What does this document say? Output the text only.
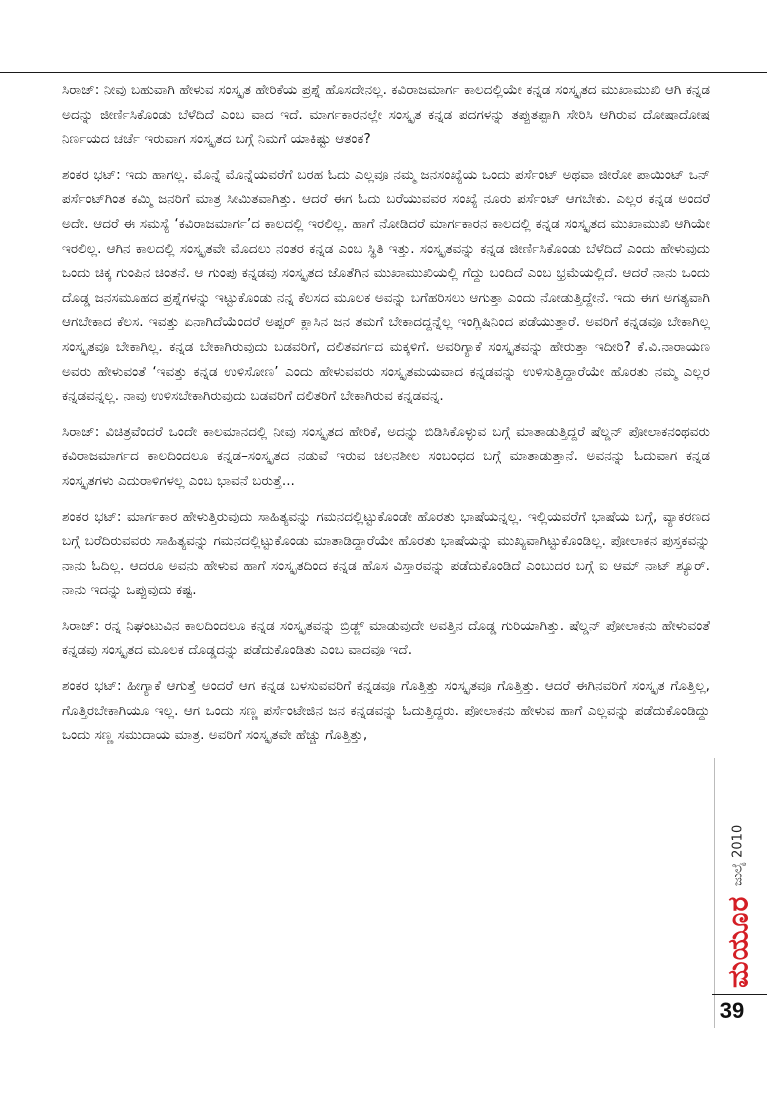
ಸಿರಾಜ್: ನೀವು ಬಹುವಾಗಿ ಹೇಳುವ ಸಂಸ್ಕೃತ ಹೇರಿಕೆಯ ಪ್ರಶ್ನೆ ಹೊಸದೇನಲ್ಲ. ಕವಿರಾಜಮಾರ್ಗ ಕಾಲದಲ್ಲಿಯೇ ಕನ್ನಡ ಸಂಸ್ಕೃತದ ಮುಖಾಮುಖಿ ಆಗಿ ಕನ್ನಡ ಅದನ್ನು ಜೀರ್ಣಿಸಿಕೊಂಡು ಬೆಳೆದಿದೆ ಎಂಬ ವಾದ ಇದೆ. ಮಾರ್ಗಕಾರನಲ್ಲೇ ಸಂಸ್ಕೃತ ಕನ್ನಡ ಪದಗಳನ್ನು ತಪ್ಪುತಪ್ಪಾಗಿ ಸೇರಿಸಿ ಆಗಿರುವ ದೋಷಾದೋಷ ನಿರ್ಣಯದ ಚರ್ಚೆ ಇರುವಾಗ ಸಂಸ್ಕೃತದ ಬಗ್ಗೆ ನಿಮಗೆ ಯಾಕಿಷ್ಟು ಆತಂಕ?

ಶಂಕರ ಭಟ್: ಇದು ಹಾಗಲ್ಲ. ಮೊನ್ನೆ ಮೊನ್ನೆಯವರೆಗೆ ಬರಹ ಓದು ಎಲ್ಲವೂ ನಮ್ಮ ಜನಸಂಖ್ಯೆಯ ಒಂದು ಪರ್ಸೆಂಟ್ ಅಥವಾ ಜೀರೋ ಪಾಯಿಂಟ್ ಒನ್ ಪರ್ಸೆಂಟ್‌ಗಿಂತ ಕಮ್ಮಿ ಜನರಿಗೆ ಮಾತ್ರ ಸೀಮಿತವಾಗಿತ್ತು. ಆದರೆ ಈಗ ಓದು ಬರೆಯುವವರ ಸಂಖ್ಯೆ ನೂರು ಪರ್ಸೆಂಟ್ ಆಗಬೇಕು. ಎಲ್ಲರ ಕನ್ನಡ ಅಂದರೆ ಅದೇ. ಆದರೆ ಈ ಸಮಸ್ಯೆ ‘ಕವಿರಾಜಮಾರ್ಗ’ದ ಕಾಲದಲ್ಲಿ ಇರಲಿಲ್ಲ. ಹಾಗೆ ನೋಡಿದರೆ ಮಾರ್ಗಕಾರನ ಕಾಲದಲ್ಲಿ ಕನ್ನಡ ಸಂಸ್ಕೃತದ ಮುಖಾಮುಖಿ ಆಗಿಯೇ ಇರಲಿಲ್ಲ. ಆಗಿನ ಕಾಲದಲ್ಲಿ ಸಂಸ್ಕೃತವೇ ಮೊದಲು ನಂತರ ಕನ್ನಡ ಎಂಬ ಸ್ಥಿತಿ ಇತ್ತು. ಸಂಸ್ಕೃತವನ್ನು ಕನ್ನಡ ಜೀರ್ಣಿಸಿಕೊಂಡು ಬೆಳೆದಿದೆ ಎಂದು ಹೇಳುವುದು ಒಂದು ಚಿಕ್ಕ ಗುಂಪಿನ ಚಿಂತನೆ. ಆ ಗುಂಪು ಕನ್ನಡವು ಸಂಸ್ಕೃತದ ಜೊತೆಗಿನ ಮುಖಾಮುಖಿಯಲ್ಲಿ ಗೆದ್ದು ಬಂದಿದೆ ಎಂಬ ಭ್ರಮೆಯಲ್ಲಿದೆ. ಆದರೆ ನಾನು ಒಂದು ದೊಡ್ಡ ಜನಸಮೂಹದ ಪ್ರಶ್ನೆಗಳನ್ನು ಇಟ್ಟುಕೊಂಡು ನನ್ನ ಕೆಲಸದ ಮೂಲಕ ಅವನ್ನು ಬಗೆಹರಿಸಲು ಆಗುತ್ತಾ ಎಂದು ನೋಡುತ್ತಿದ್ದೇನೆ. ಇದು ಈಗ ಅಗತ್ಯವಾಗಿ ಆಗಬೇಕಾದ ಕೆಲಸ. ಇವತ್ತು ಏನಾಗಿದೆಯೆಂದರೆ ಅಪ್ಪರ್ ಕ್ಲಾಸಿನ ಜನ ತಮಗೆ ಬೇಕಾದದ್ದನ್ನೆಲ್ಲ ಇಂಗ್ಲಿಷಿನಿಂದ ಪಡೆಯುತ್ತಾರೆ. ಅವರಿಗೆ ಕನ್ನಡವೂ ಬೇಕಾಗಿಲ್ಲ ಸಂಸ್ಕೃತವೂ ಬೇಕಾಗಿಲ್ಲ. ಕನ್ನಡ ಬೇಕಾಗಿರುವುದು ಬಡವರಿಗೆ, ದಲಿತವರ್ಗದ ಮಕ್ಕಳಿಗೆ. ಅವರಿಗ್ಯಾಕೆ ಸಂಸ್ಕೃತವನ್ನು ಹೇರುತ್ತಾ ಇದೀರಿ? ಕೆ.ವಿ.ನಾರಾಯಣ ಅವರು ಹೇಳುವಂತೆ ‘ಇವತ್ತು ಕನ್ನಡ ಉಳಿಸೋಣ’ ಎಂದು ಹೇಳುವವರು ಸಂಸ್ಕೃತಮಯವಾದ ಕನ್ನಡವನ್ನು ಉಳಿಸುತ್ತಿದ್ದಾರೆಯೇ ಹೊರತು ನಮ್ಮ ಎಲ್ಲರ ಕನ್ನಡವನ್ನಲ್ಲ. ನಾವು ಉಳಿಸಬೇಕಾಗಿರುವುದು ಬಡವರಿಗೆ ದಲಿತರಿಗೆ ಬೇಕಾಗಿರುವ ಕನ್ನಡವನ್ನ.

ಸಿರಾಜ್: ವಿಚಿತ್ರವೆಂದರೆ ಒಂದೇ ಕಾಲಮಾನದಲ್ಲಿ ನೀವು ಸಂಸ್ಕೃತದ ಹೇರಿಕೆ, ಅದನ್ನು ಬಿಡಿಸಿಕೊಳ್ಳುವ ಬಗ್ಗೆ ಮಾತಾಡುತ್ತಿದ್ದರೆ ಷೆಲ್ಡನ್ ಪೋಲಾಕನಂಥವರು ಕವಿರಾಜಮಾರ್ಗದ ಕಾಲದಿಂದಲೂ ಕನ್ನಡ–ಸಂಸ್ಕೃತದ ನಡುವೆ ಇರುವ ಚಲನಶೀಲ ಸಂಬಂಧದ ಬಗ್ಗೆ ಮಾತಾಡುತ್ತಾನೆ. ಅವನನ್ನು ಓದುವಾಗ ಕನ್ನಡ ಸಂಸ್ಕೃತಗಳು ಎದುರಾಳಿಗಳಲ್ಲ ಎಂಬ ಭಾವನೆ ಬರುತ್ತೆ...

ಶಂಕರ ಭಟ್: ಮಾರ್ಗಕಾರ ಹೇಳುತ್ತಿರುವುದು ಸಾಹಿತ್ಯವನ್ನು ಗಮನದಲ್ಲಿಟ್ಟುಕೊಂಡೇ ಹೊರತು ಭಾಷೆಯನ್ನಲ್ಲ. ಇಲ್ಲಿಯವರೆಗೆ ಭಾಷೆಯ ಬಗ್ಗೆ, ವ್ಯಾಕರಣದ ಬಗ್ಗೆ ಬರೆದಿರುವವರು ಸಾಹಿತ್ಯವನ್ನು ಗಮನದಲ್ಲಿಟ್ಟುಕೊಂಡು ಮಾತಾಡಿದ್ದಾರೆಯೇ ಹೊರತು ಭಾಷೆಯನ್ನು ಮುಖ್ಯವಾಗಿಟ್ಟುಕೊಂಡಿಲ್ಲ. ಪೋಲಾಕನ ಪುಸ್ತಕವನ್ನು ನಾನು ಓದಿಲ್ಲ. ಆದರೂ ಅವನು ಹೇಳುವ ಹಾಗೆ ಸಂಸ್ಕೃತದಿಂದ ಕನ್ನಡ ಹೊಸ ವಿಸ್ತಾರವನ್ನು ಪಡೆದುಕೊಂಡಿದೆ ಎಂಬುದರ ಬಗ್ಗೆ ಐ ಆಮ್ ನಾಟ್ ಶ್ಯೂರ್. ನಾನು ಇದನ್ನು ಒಪ್ಪುವುದು ಕಷ್ಟ.

ಸಿರಾಜ್: ರನ್ನ ನಿಘಂಟುವಿನ ಕಾಲದಿಂದಲೂ ಕನ್ನಡ ಸಂಸ್ಕೃತವನ್ನು ಬ್ರಿಡ್ಜ್ ಮಾಡುವುದೇ ಅವತ್ತಿನ ದೊಡ್ಡ ಗುರಿಯಾಗಿತ್ತು. ಷೆಲ್ಡನ್ ಪೋಲಾಕನು ಹೇಳುವಂತೆ ಕನ್ನಡವು ಸಂಸ್ಕೃತದ ಮೂಲಕ ದೊಡ್ಡದನ್ನು ಪಡೆದುಕೊಂಡಿತು ಎಂಬ ವಾದವೂ ಇದೆ.

ಶಂಕರ ಭಟ್: ಹೀಗ್ಯಾಕೆ ಆಗುತ್ತೆ ಅಂದರೆ ಆಗ ಕನ್ನಡ ಬಳಸುವವರಿಗೆ ಕನ್ನಡವೂ ಗೊತ್ತಿತ್ತು ಸಂಸ್ಕೃತವೂ ಗೊತ್ತಿತ್ತು. ಆದರೆ ಈಗಿನವರಿಗೆ ಸಂಸ್ಕೃತ ಗೊತ್ತಿಲ್ಲ, ಗೊತ್ತಿರಬೇಕಾಗಿಯೂ ಇಲ್ಲ. ಆಗ ಒಂದು ಸಣ್ಣ ಪರ್ಸೆಂಟೇಜಿನ ಜನ ಕನ್ನಡವನ್ನು ಓದುತ್ತಿದ್ದರು. ಪೋಲಾಕನು ಹೇಳುವ ಹಾಗೆ ಎಲ್ಲವನ್ನು ಪಡೆದುಕೊಂಡಿದ್ದು ಒಂದು ಸಣ್ಣ ಸಮುದಾಯ ಮಾತ್ರ. ಅವರಿಗೆ ಸಂಸ್ಕೃತವೇ ಹೆಚ್ಚು ಗೊತ್ತಿತ್ತು,

ಮಯೂರ
ಜುಲೈ 2010
39
